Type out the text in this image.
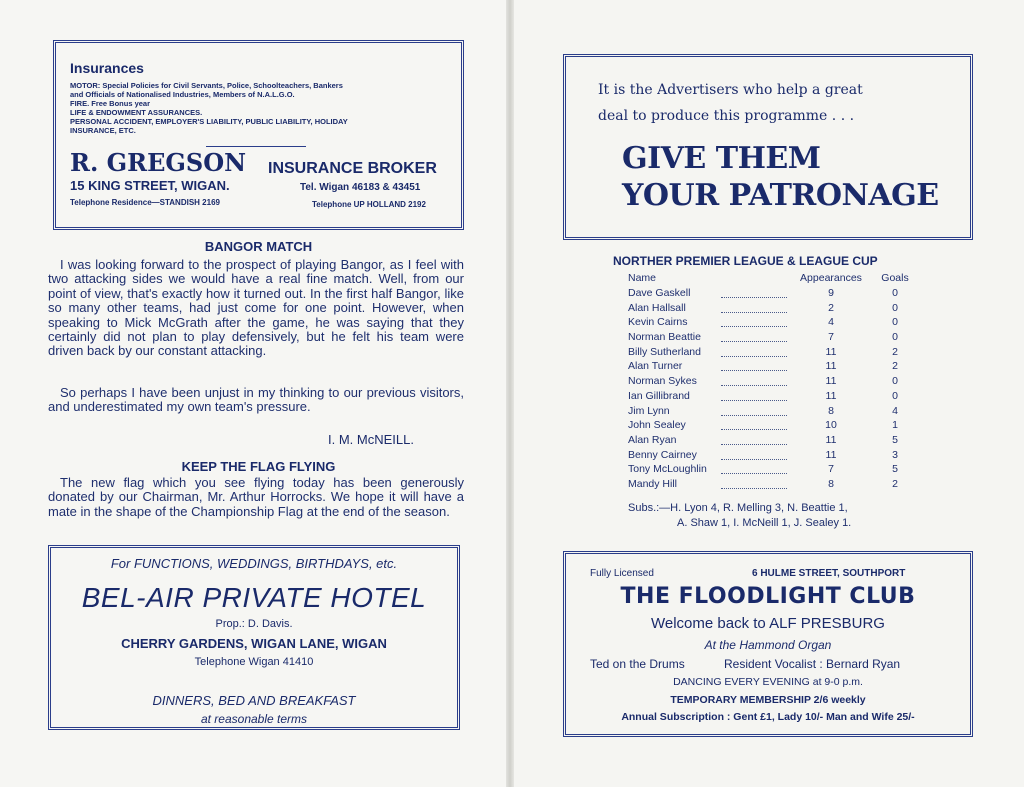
Insurances
MOTOR: Special Policies for Civil Servants, Police, Schoolteachers, Bankers
and Officials of Nationalised Industries, Members of N.A.L.G.O.
FIRE. Free Bonus year
LIFE & ENDOWMENT ASSURANCES.
PERSONAL ACCIDENT, EMPLOYER'S LIABILITY, PUBLIC LIABILITY, HOLIDAY
INSURANCE, ETC.
R. GREGSON INSURANCE BROKER
15 KING STREET, WIGAN.	Tel. Wigan 46183 & 43451
Telephone Residence—STANDISH 2169	Telephone UP HOLLAND 2192
BANGOR MATCH
I was looking forward to the prospect of playing Bangor, as I feel with two attacking sides we would have a real fine match. Well, from our point of view, that's exactly how it turned out. In the first half Bangor, like so many other teams, had just come for one point. However, when speaking to Mick McGrath after the game, he was saying that they certainly did not plan to play defensively, but he felt his team were driven back by our constant attacking.
So perhaps I have been unjust in my thinking to our previous visitors, and underestimated my own team's pressure.
I. M. McNEILL.
KEEP THE FLAG FLYING
The new flag which you see flying today has been generously donated by our Chairman, Mr. Arthur Horrocks. We hope it will have a mate in the shape of the Championship Flag at the end of the season.
For FUNCTIONS, WEDDINGS, BIRTHDAYS, etc.
BEL-AIR PRIVATE HOTEL
Prop.: D. Davis.
CHERRY GARDENS, WIGAN LANE, WIGAN
Telephone Wigan 41410
DINNERS, BED AND BREAKFAST
at reasonable terms
It is the Advertisers who help a great
deal to produce this programme . . .
GIVE THEM
YOUR PATRONAGE
NORTHER PREMIER LEAGUE & LEAGUE CUP
Name		Appearances	Goals
Dave Gaskell		9	0
Alan Hallsall		2	0
Kevin Cairns		4	0
Norman Beattie		7	0
Billy Sutherland		11	2
Alan Turner		11	2
Norman Sykes		11	0
Ian Gillibrand		11	0
Jim Lynn		8	4
John Sealey		10	1
Alan Ryan		11	5
Benny Cairney		11	3
Tony McLoughlin		7	5
Mandy Hill		8	2
Subs.:—H. Lyon 4, R. Melling 3, N. Beattie 1,
A. Shaw 1, I. McNeill 1, J. Sealey 1.
Fully Licensed	6 HULME STREET, SOUTHPORT
THE FLOODLIGHT CLUB
Welcome back to ALF PRESBURG
At the Hammond Organ
Ted on the Drums	Resident Vocalist : Bernard Ryan
DANCING EVERY EVENING at 9-0 p.m.
TEMPORARY MEMBERSHIP 2/6 weekly
Annual Subscription : Gent £1, Lady 10/- Man and Wife 25/-
